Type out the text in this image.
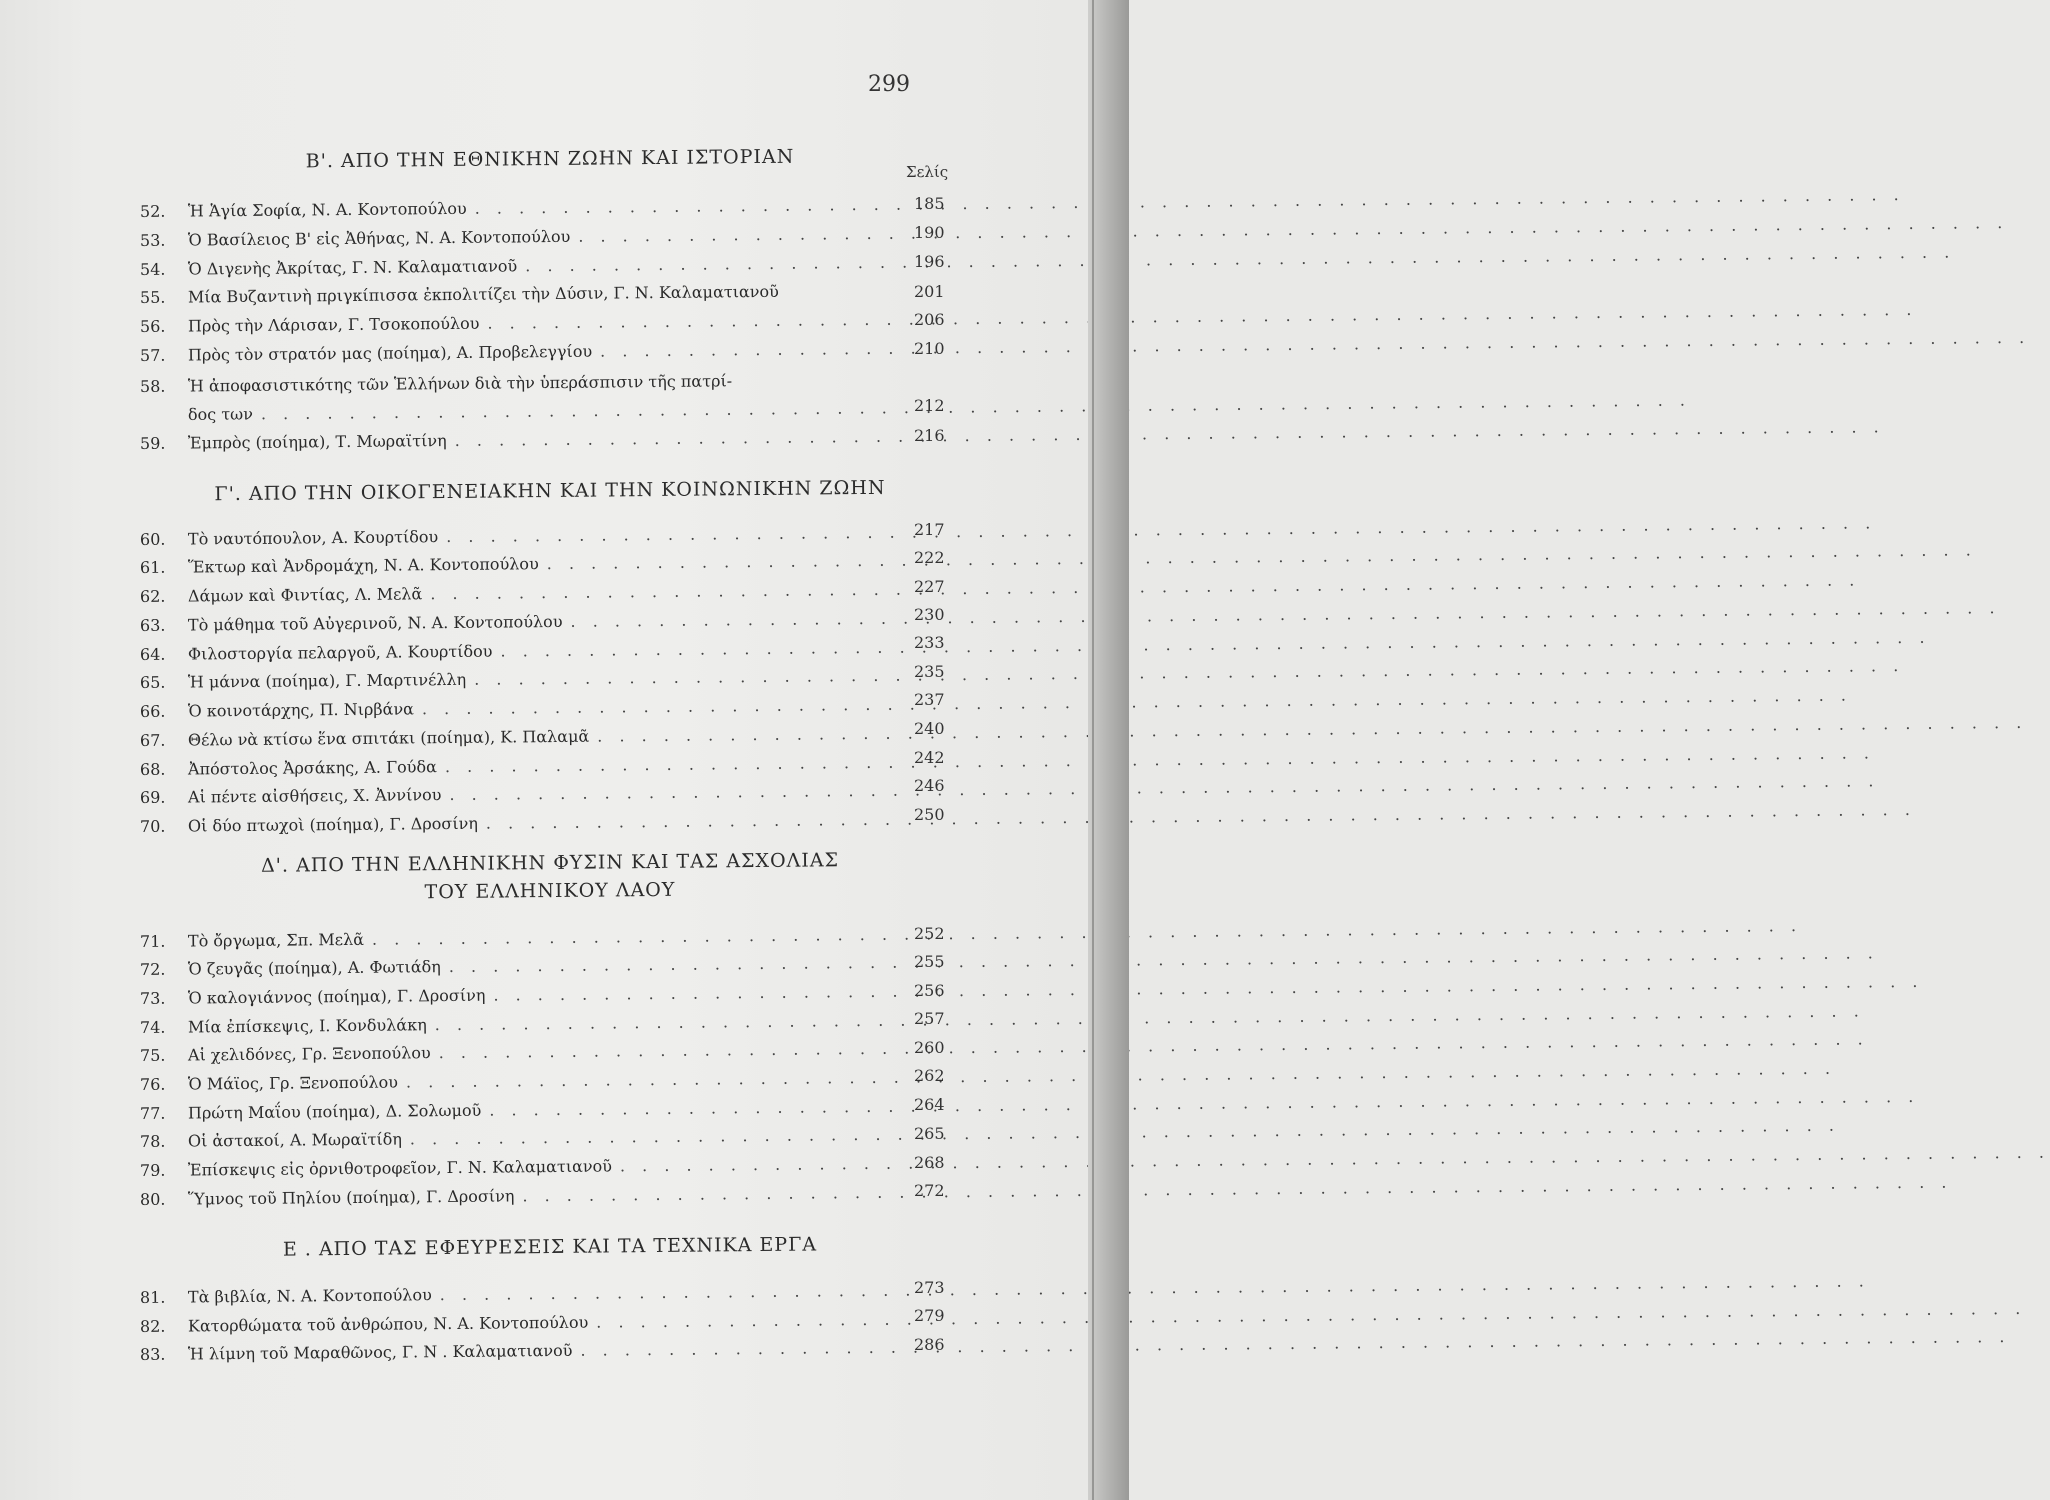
299
Β'. ΑΠΟ ΤΗΝ ΕΘΝΙΚΗΝ ΖΩΗΝ ΚΑΙ ΙΣΤΟΡΙΑΝ	Σελίς
52.	Ἡ Ἁγία Σοφία, Ν. Α. Κοντοπούλου . . .	185
53.	Ὁ Βασίλειος Β' εἰς Ἀθήνας, Ν. Α. Κοντοπούλου . . .	190
54.	Ὁ Διγενὴς Ἀκρίτας, Γ. Ν. Καλαματιανοῦ . . .	196
55.	Μία Βυζαντινὴ πριγκίπισσα ἐκπολιτίζει τὴν Δύσιν, Γ. Ν. Καλαματιανοῦ	201
56.	Πρὸς τὴν Λάρισαν, Γ. Τσοκοπούλου . . .	206
57.	Πρὸς τὸν στρατόν μας (ποίημα), Α. Προβελεγγίου . . .	210
58.	Ἡ ἀποφασιστικότης τῶν Ἑλλήνων διὰ τὴν ὑπεράσπισιν τῆς πατρί-
δος των . . .	212
59.	Ἐμπρὸς (ποίημα), Τ. Μωραϊτίνη . . .	216
Γ'. ΑΠΟ ΤΗΝ ΟΙΚΟΓΕΝΕΙΑΚΗΝ ΚΑΙ ΤΗΝ ΚΟΙΝΩΝΙΚΗΝ ΖΩΗΝ
60.	Τὸ ναυτόπουλον, Α. Κουρτίδου . . .	217
61.	Ἕκτωρ καὶ Ἀνδρομάχη, Ν. Α. Κοντοπούλου . . .	222
62.	Δάμων καὶ Φιντίας, Λ. Μελᾶ . . .	227
63.	Τὸ μάθημα τοῦ Αὐγερινοῦ, Ν. Α. Κοντοπούλου . . .	230
64.	Φιλοστοργία πελαργοῦ, Α. Κουρτίδου . . .	233
65.	Ἡ μάννα (ποίημα), Γ. Μαρτινέλλη . . .	235
66.	Ὁ κοινοτάρχης, Π. Νιρβάνα . . .	237
67.	Θέλω νὰ κτίσω ἕνα σπιτάκι (ποίημα), Κ. Παλαμᾶ . . .	240
68.	Ἀπόστολος Ἀρσάκης, Α. Γούδα . . .	242
69.	Αἱ πέντε αἰσθήσεις, Χ. Ἀννίνου . . .	246
70.	Οἱ δύο πτωχοὶ (ποίημα), Γ. Δροσίνη . . .	250
Δ'. ΑΠΟ ΤΗΝ ΕΛΛΗΝΙΚΗΝ ΦΥΣΙΝ ΚΑΙ ΤΑΣ ΑΣΧΟΛΙΑΣ
ΤΟΥ ΕΛΛΗΝΙΚΟΥ ΛΑΟΥ
71.	Τὸ ὄργωμα, Σπ. Μελᾶ . . .	252
72.	Ὁ ζευγᾶς (ποίημα), Α. Φωτιάδη . . .	255
73.	Ὁ καλογιάννος (ποίημα), Γ. Δροσίνη . . .	256
74.	Μία ἐπίσκεψις, Ι. Κονδυλάκη . . .	257
75.	Αἱ χελιδόνες, Γρ. Ξενοπούλου . . .	260
76.	Ὁ Μάϊος, Γρ. Ξενοπούλου . . .	262
77.	Πρώτη Μαΐου (ποίημα), Δ. Σολωμοῦ . . .	264
78.	Οἱ ἀστακοί, Α. Μωραϊτίδη . . .	265
79.	Ἐπίσκεψις εἰς ὀρνιθοτροφεῖον, Γ. Ν. Καλαματιανοῦ . . .	268
80.	Ὕμνος τοῦ Πηλίου (ποίημα), Γ. Δροσίνη . . .	272
Ε . ΑΠΟ ΤΑΣ ΕΦΕΥΡΕΣΕΙΣ ΚΑΙ ΤΑ ΤΕΧΝΙΚΑ ΕΡΓΑ
81.	Τὰ βιβλία, Ν. Α. Κοντοπούλου . . .	273
82.	Κατορθώματα τοῦ ἀνθρώπου, Ν. Α. Κοντοπούλου . . .	279
83.	Ἡ λίμνη τοῦ Μαραθῶνος, Γ. Ν . Καλαματιανοῦ . . .	286
